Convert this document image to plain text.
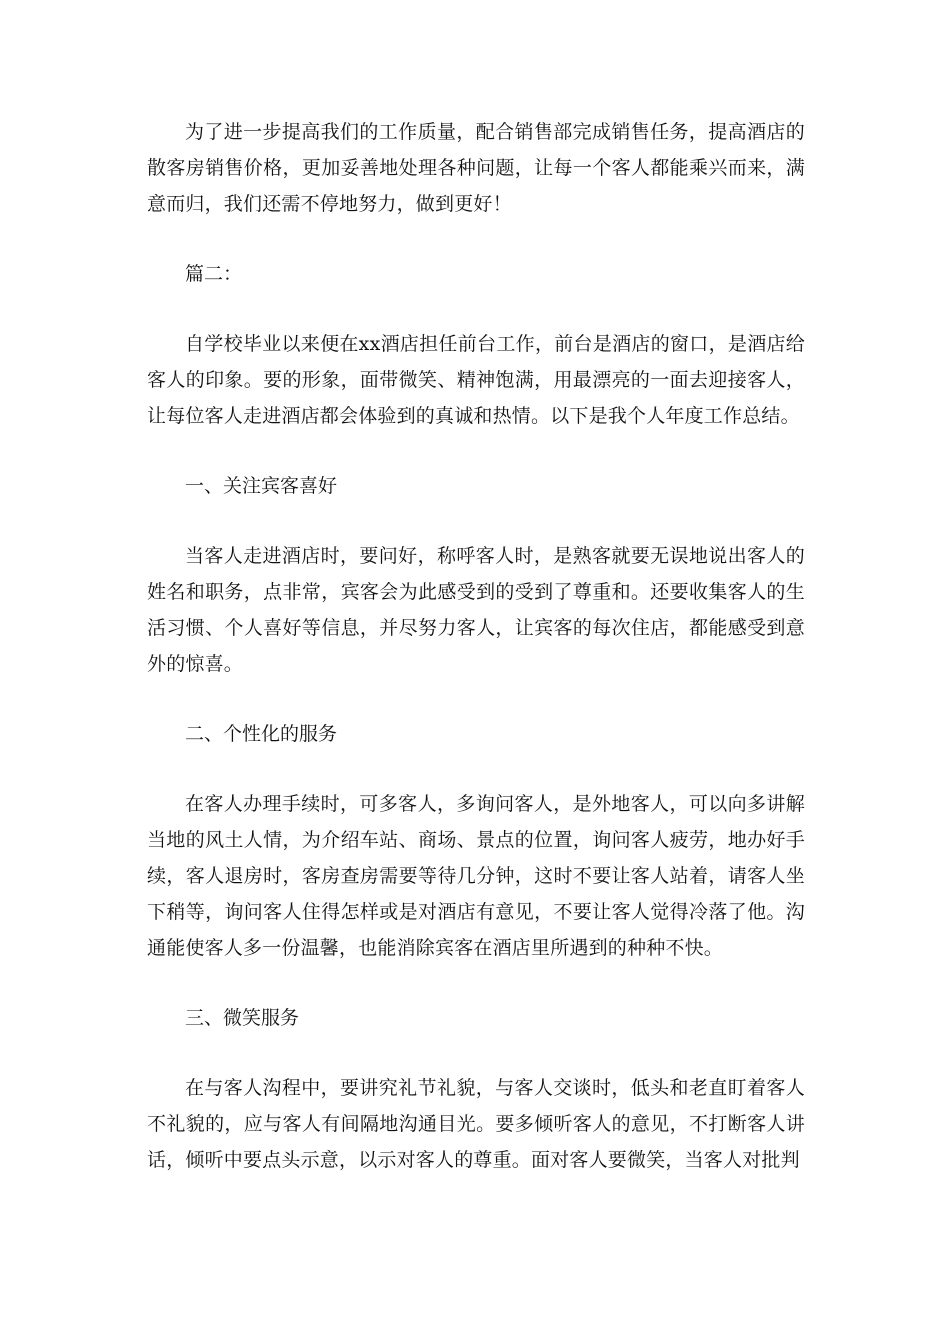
为了进一步提高我们的工作质量，配合销售部完成销售任务，提高酒店的散客房销售价格，更加妥善地处理各种问题，让每一个客人都能乘兴而来，满意而归，我们还需不停地努力，做到更好！

篇二：

自学校毕业以来便在xx酒店担任前台工作，前台是酒店的窗口，是酒店给客人的印象。要的形象，面带微笑、精神饱满，用最漂亮的一面去迎接客人，让每位客人走进酒店都会体验到的真诚和热情。以下是我个人年度工作总结。

一、关注宾客喜好

当客人走进酒店时，要问好，称呼客人时，是熟客就要无误地说出客人的姓名和职务，点非常，宾客会为此感受到的受到了尊重和。还要收集客人的生活习惯、个人喜好等信息，并尽努力客人，让宾客的每次住店，都能感受到意外的惊喜。

二、个性化的服务

在客人办理手续时，可多客人，多询问客人，是外地客人，可以向多讲解当地的风土人情，为介绍车站、商场、景点的位置，询问客人疲劳，地办好手续，客人退房时，客房查房需要等待几分钟，这时不要让客人站着，请客人坐下稍等，询问客人住得怎样或是对酒店有意见，不要让客人觉得冷落了他。沟通能使客人多一份温馨，也能消除宾客在酒店里所遇到的种种不快。

三、微笑服务

在与客人沟程中，要讲究礼节礼貌，与客人交谈时，低头和老直盯着客人不礼貌的，应与客人有间隔地沟通目光。要多倾听客人的意见，不打断客人讲话，倾听中要点头示意，以示对客人的尊重。面对客人要微笑，当客人对批判
